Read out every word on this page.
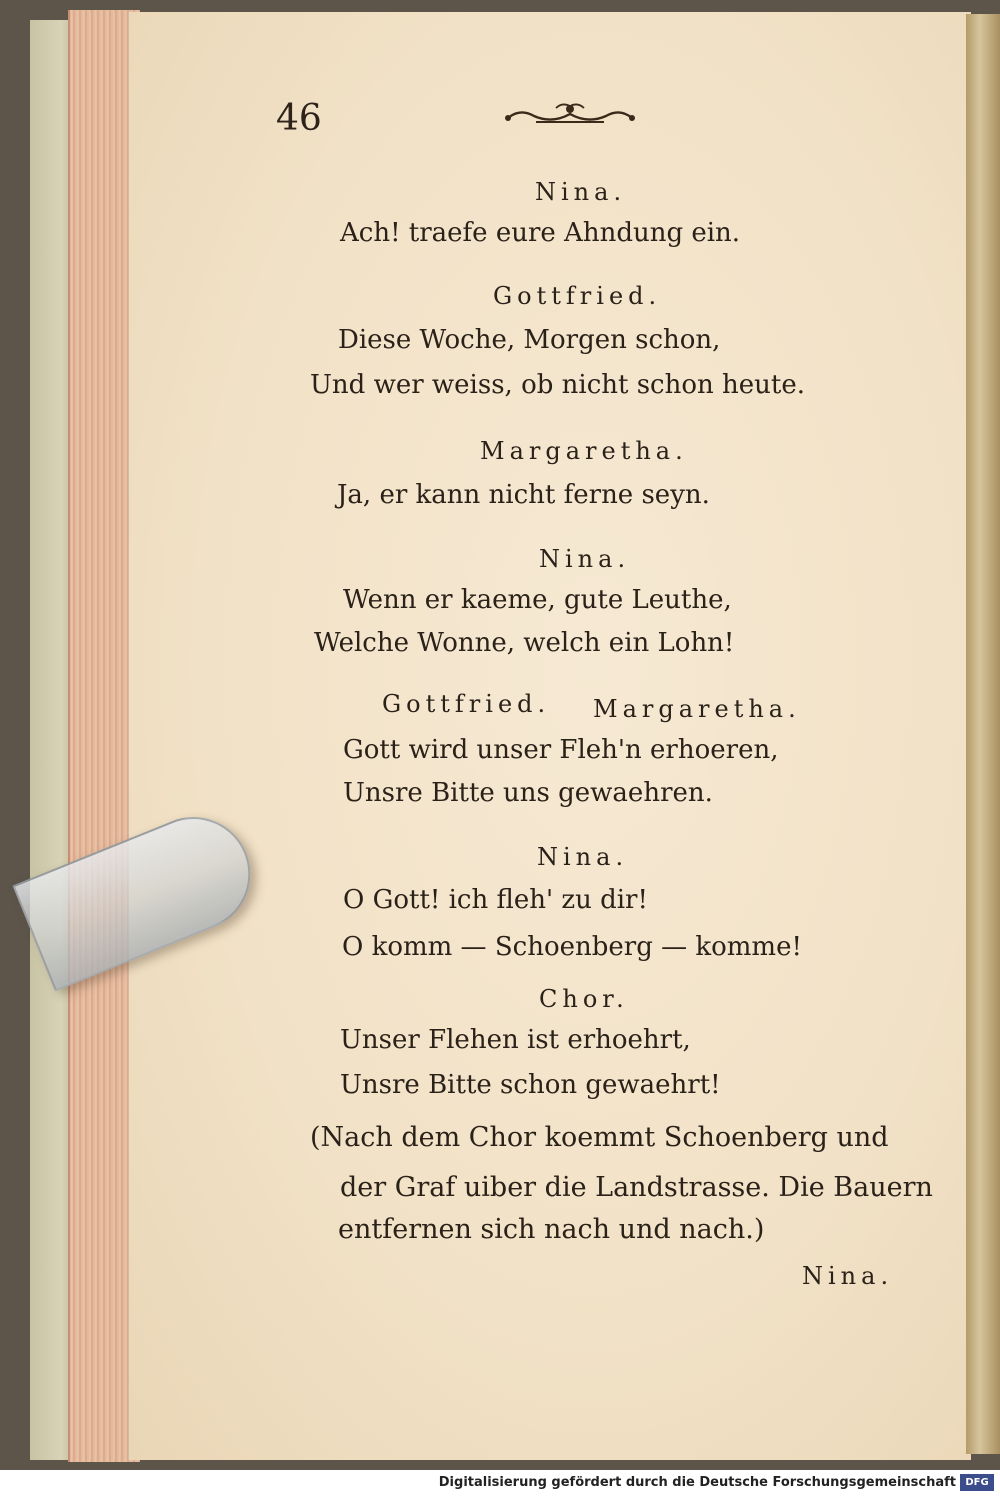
46
Nina.
Ach! traefe eure Ahndung ein.
Gottfried.
Diese Woche, Morgen schon,
Und wer weiss, ob nicht schon heute.
Margaretha.
Ja, er kann nicht ferne seyn.
Nina.
Wenn er kaeme, gute Leuthe,
Welche Wonne, welch ein Lohn!
Gottfried. Margaretha.
Gott wird unser Fleh'n erhoeren,
Unsre Bitte uns gewaehren.
Nina.
O Gott! ich fleh' zu dir!
O komm — Schoenberg — komme!
Chor.
Unser Flehen ist erhoehrt,
Unsre Bitte schon gewaehrt!
(Nach dem Chor koemmt Schoenberg und
der Graf uiber die Landstrasse. Die Bauern
entfernen sich nach und nach.)
Nina.
Digitalisierung gefördert durch die Deutsche Forschungsgemeinschaft DFG
